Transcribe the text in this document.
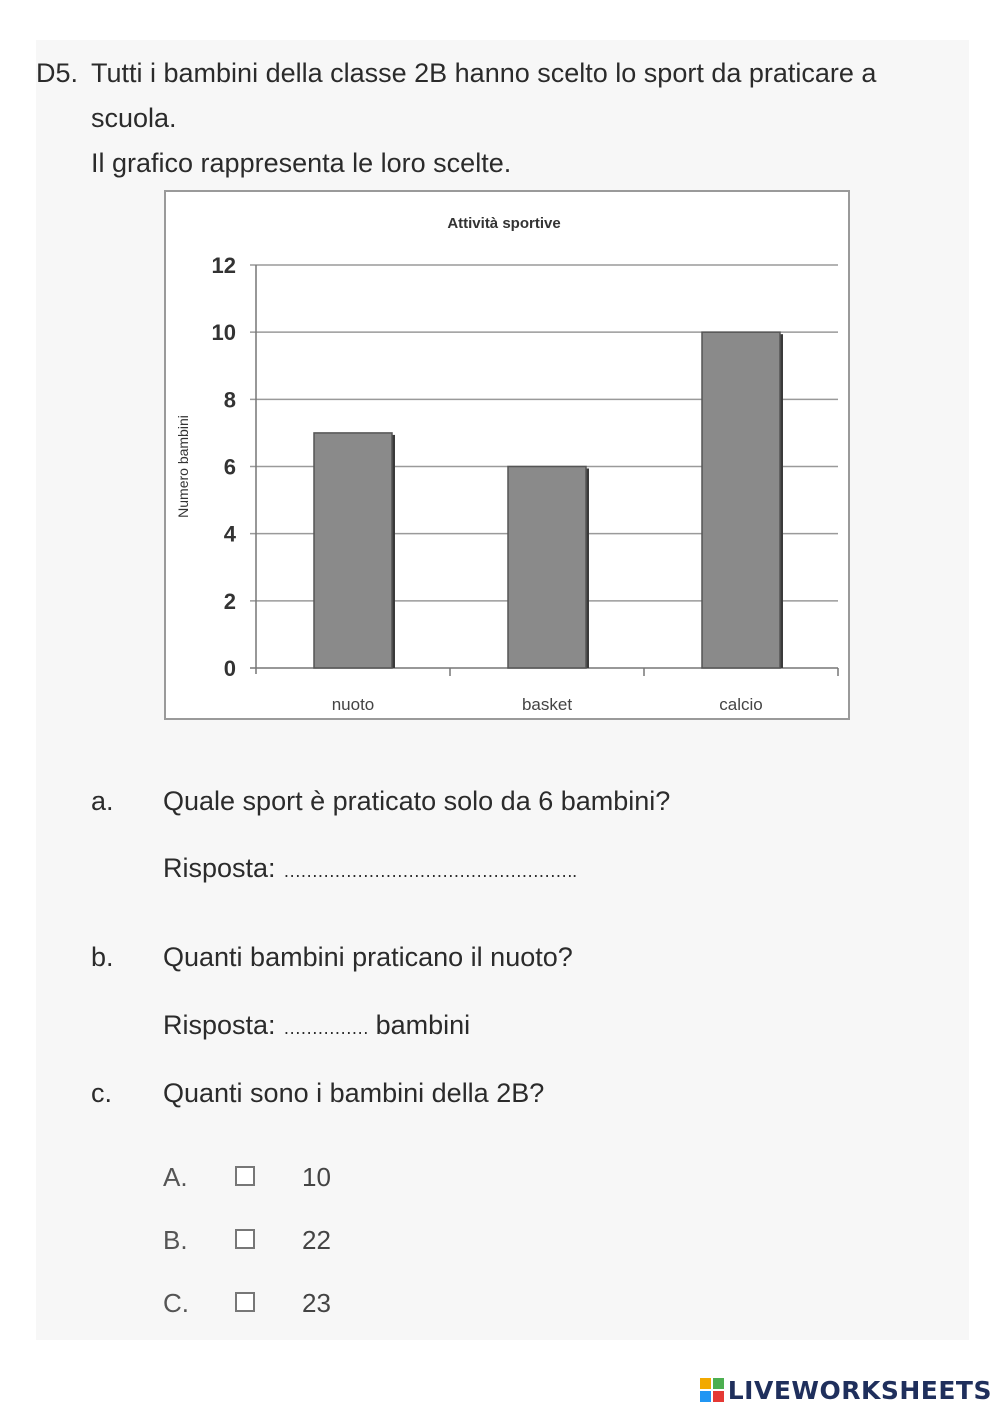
D5. Tutti i bambini della classe 2B hanno scelto lo sport da praticare a
scuola.
Il grafico rappresenta le loro scelte.
Attività sportive
Numero bambini
0
2
4
6
8
10
12
nuoto	basket	calcio
a. Quale sport è praticato solo da 6 bambini?
Risposta: …………………………………………….
b. Quanti bambini praticano il nuoto?
Risposta: …………… bambini
c. Quanti sono i bambini della 2B?
A.	10
B.	22
C.	23
LIVEWORKSHEETS
